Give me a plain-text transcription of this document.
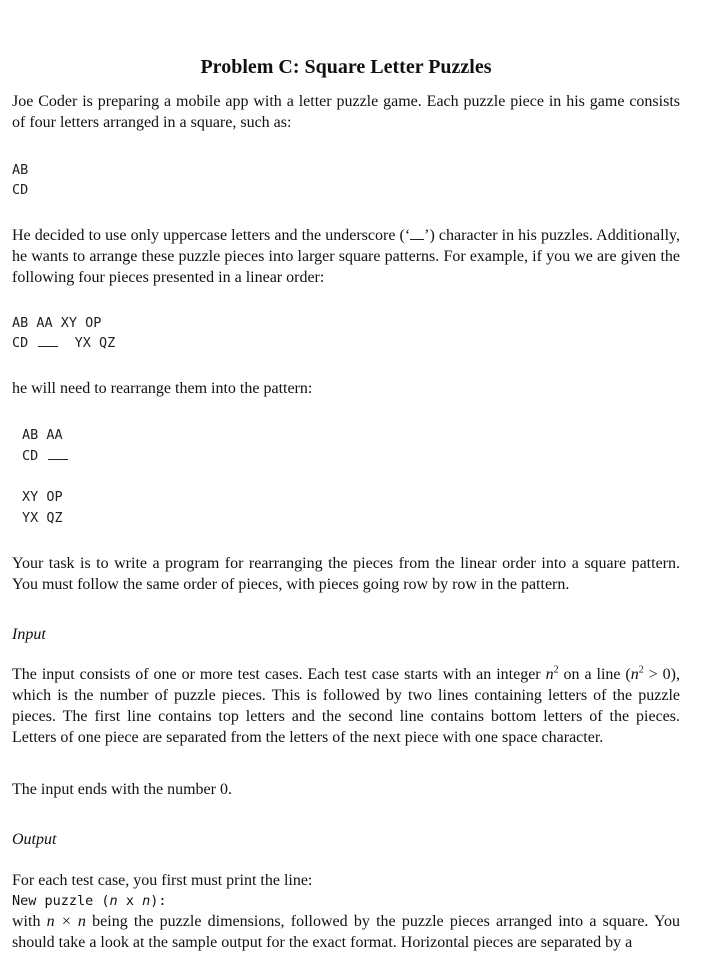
Problem C: Square Letter Puzzles
Joe Coder is preparing a mobile app with a letter puzzle game. Each puzzle piece in his game consists of four letters arranged in a square, such as:
AB
CD
He decided to use only uppercase letters and the underscore (‘ ’) character in his puzzles. Additionally, he wants to arrange these puzzle pieces into larger square patterns. For example, if you we are given the following four pieces presented in a linear order:
AB AA XY OP
CD	YX QZ
he will need to rearrange them into the pattern:
AB AA
CD
XY OP
YX QZ
Your task is to write a program for rearranging the pieces from the linear order into a square pattern. You must follow the same order of pieces, with pieces going row by row in the pattern.
Input
The input consists of one or more test cases. Each test case starts with an integer $n^2$ on a line $(n^2 > 0)$, which is the number of puzzle pieces. This is followed by two lines containing letters of the puzzle pieces. The first line contains top letters and the second line contains bottom letters of the pieces. Letters of one piece are separated from the letters of the next piece with one space character.
The input ends with the number 0.
Output
For each test case, you first must print the line:
New puzzle (n x n):
with n × n being the puzzle dimensions, followed by the puzzle pieces arranged into a square. You should take a look at the sample output for the exact format. Horizontal pieces are separated by a
